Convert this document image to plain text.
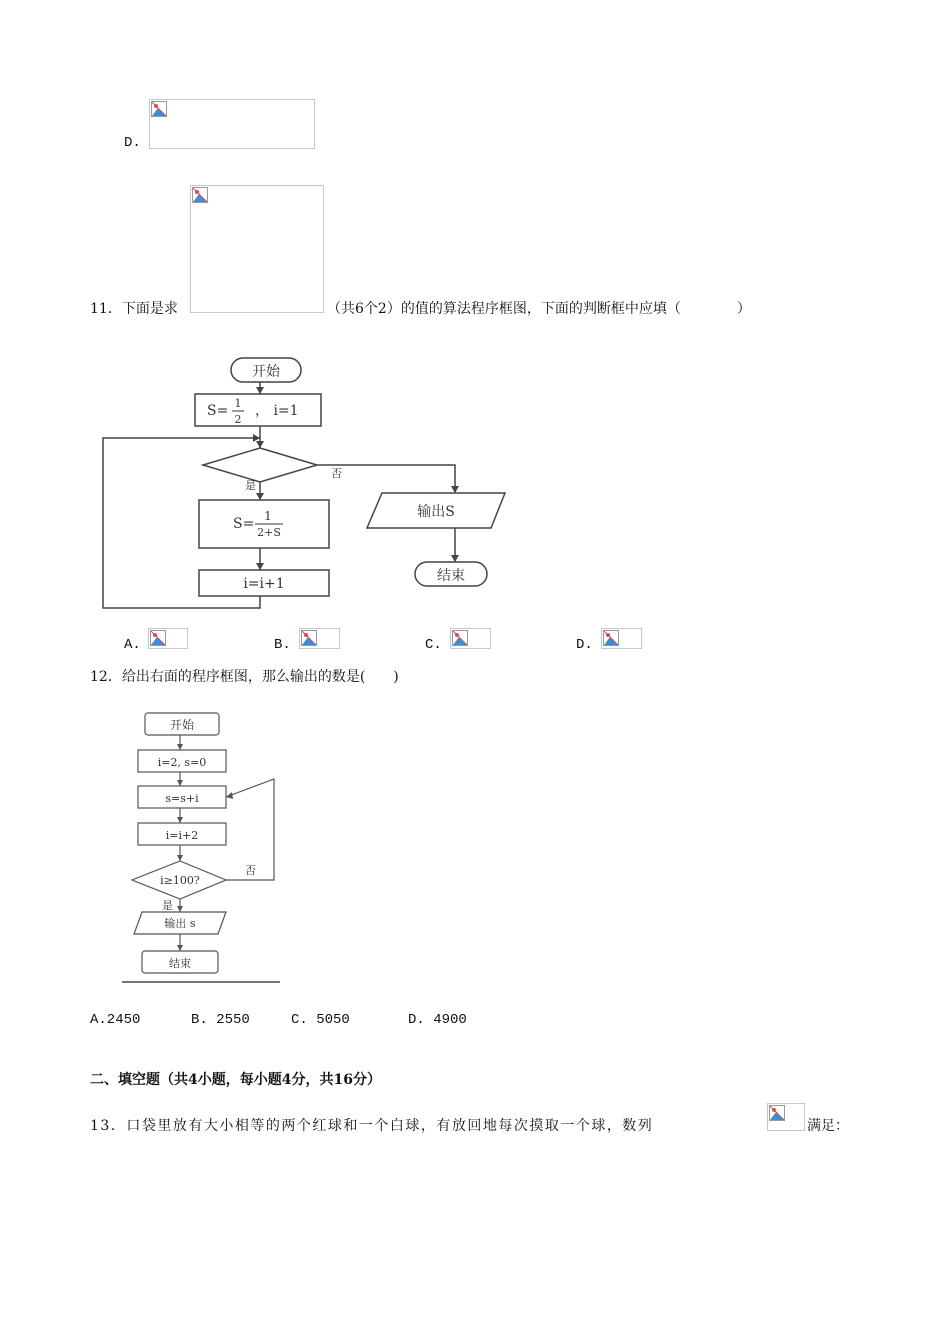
D.
11．下面是求	（共6个2）的值的算法程序框图，下面的判断框中应填（　　　　）
开始
S= 1
2
， i=1
S= 1
2+S
i=i+1
是
否
输出S
结束
A.	B.	C.	D.
12．给出右面的程序框图，那么输出的数是(　　)
开始
i=2, s=0
s=s+i
i=i+2
i≥100?
否
是
输出 s
结束
A.2450	B. 2550	C. 5050	D. 4900
二、填空题（共4小题，每小题4分，共16分）
13．口袋里放有大小相等的两个红球和一个白球，有放回地每次摸取一个球，数列	满足：
